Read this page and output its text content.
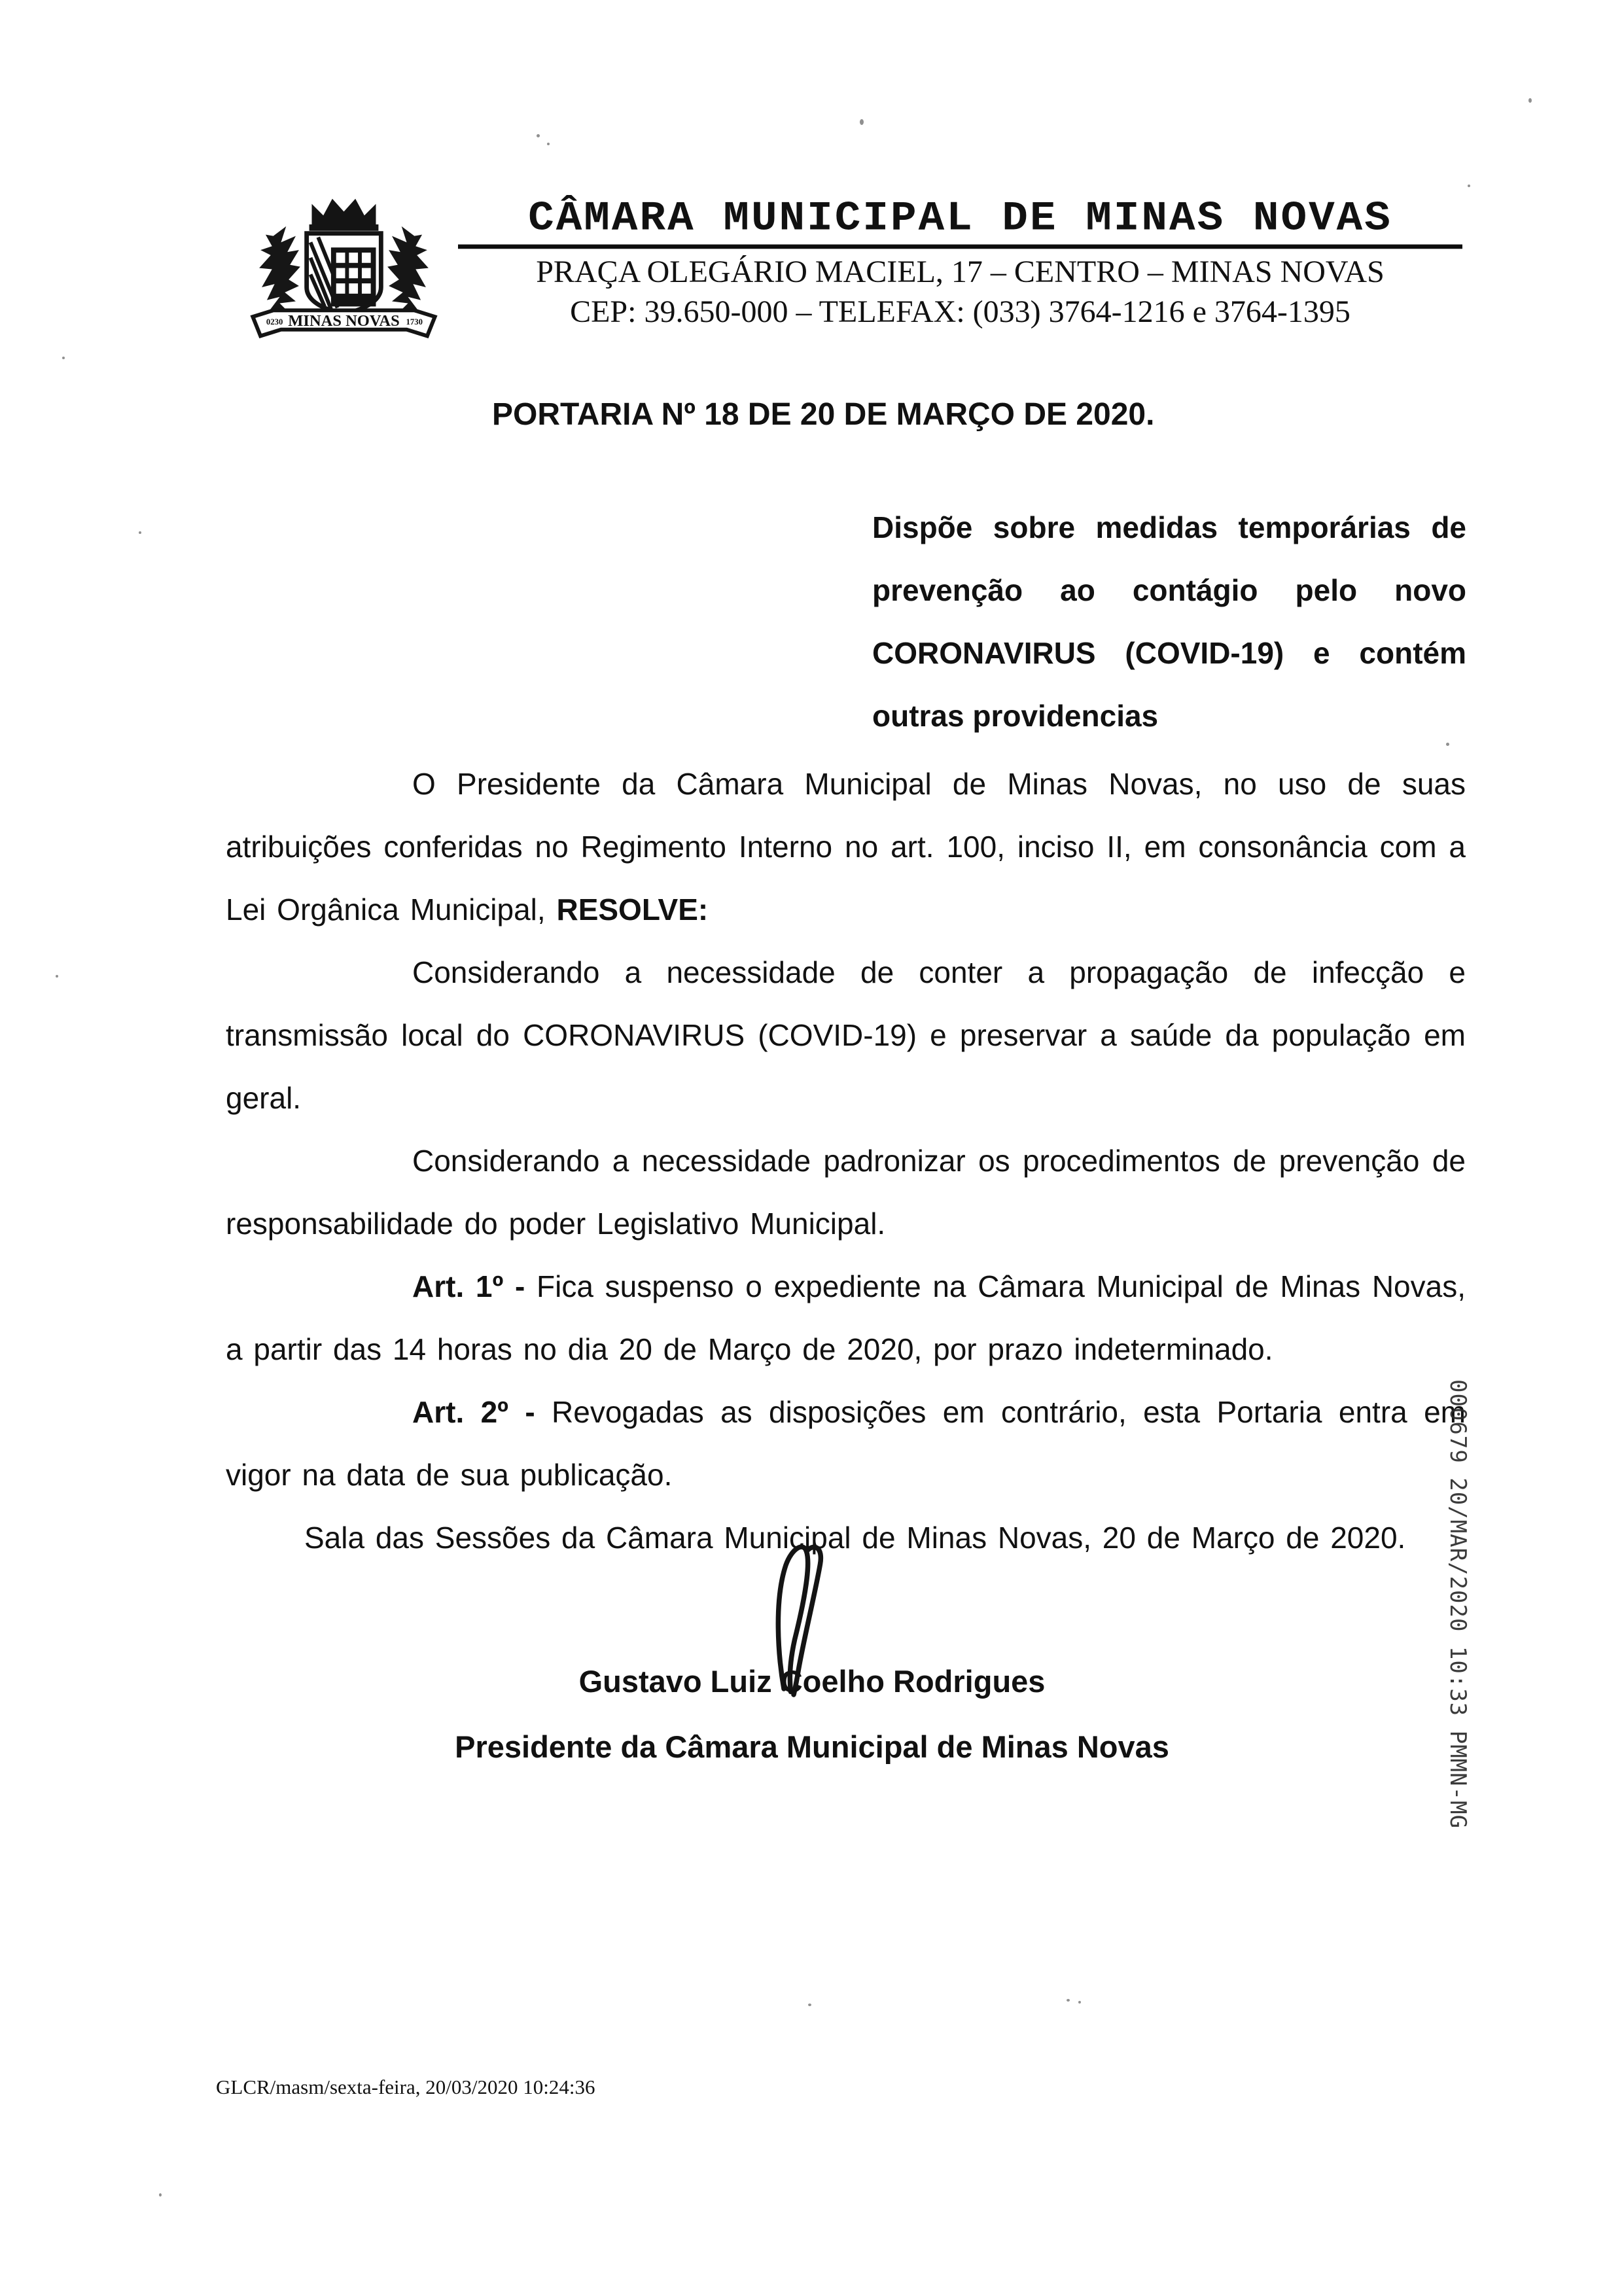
MINAS NOVAS
0230	1730
CÂMARA MUNICIPAL DE MINAS NOVAS

PRAÇA OLEGÁRIO MACIEL, 17 – CENTRO – MINAS NOVAS

CEP: 39.650-000 – TELEFAX: (033) 3764-1216 e 3764-1395

PORTARIA Nº 18 DE 20 DE MARÇO DE 2020.
Dispõe sobre medidas temporárias de prevenção ao contágio pelo novo CORONAVIRUS (COVID-19) e contém outras providencias

O Presidente da Câmara Municipal de Minas Novas, no uso de suas atribuições conferidas no Regimento Interno no art. 100, inciso II, em consonância com a Lei Orgânica Municipal, RESOLVE:

Considerando a necessidade de conter a propagação de infecção e transmissão local do CORONAVIRUS (COVID-19) e preservar a saúde da população em geral.

Considerando a necessidade padronizar os procedimentos de prevenção de responsabilidade do poder Legislativo Municipal.

Art. 1º - Fica suspenso o expediente na Câmara Municipal de Minas Novas, a partir das 14 horas no dia 20 de Março de 2020, por prazo indeterminado.

Art. 2º - Revogadas as disposições em contrário, esta Portaria entra em vigor na data de sua publicação.

Sala das Sessões da Câmara Municipal de Minas Novas, 20 de Março de 2020.

Gustavo Luiz Coelho Rodrigues
Presidente da Câmara Municipal de Minas Novas	000679 20/MAR/2020 10:33 PMMN-MG
GLCR/masm/sexta-feira, 20/03/2020 10:24:36
